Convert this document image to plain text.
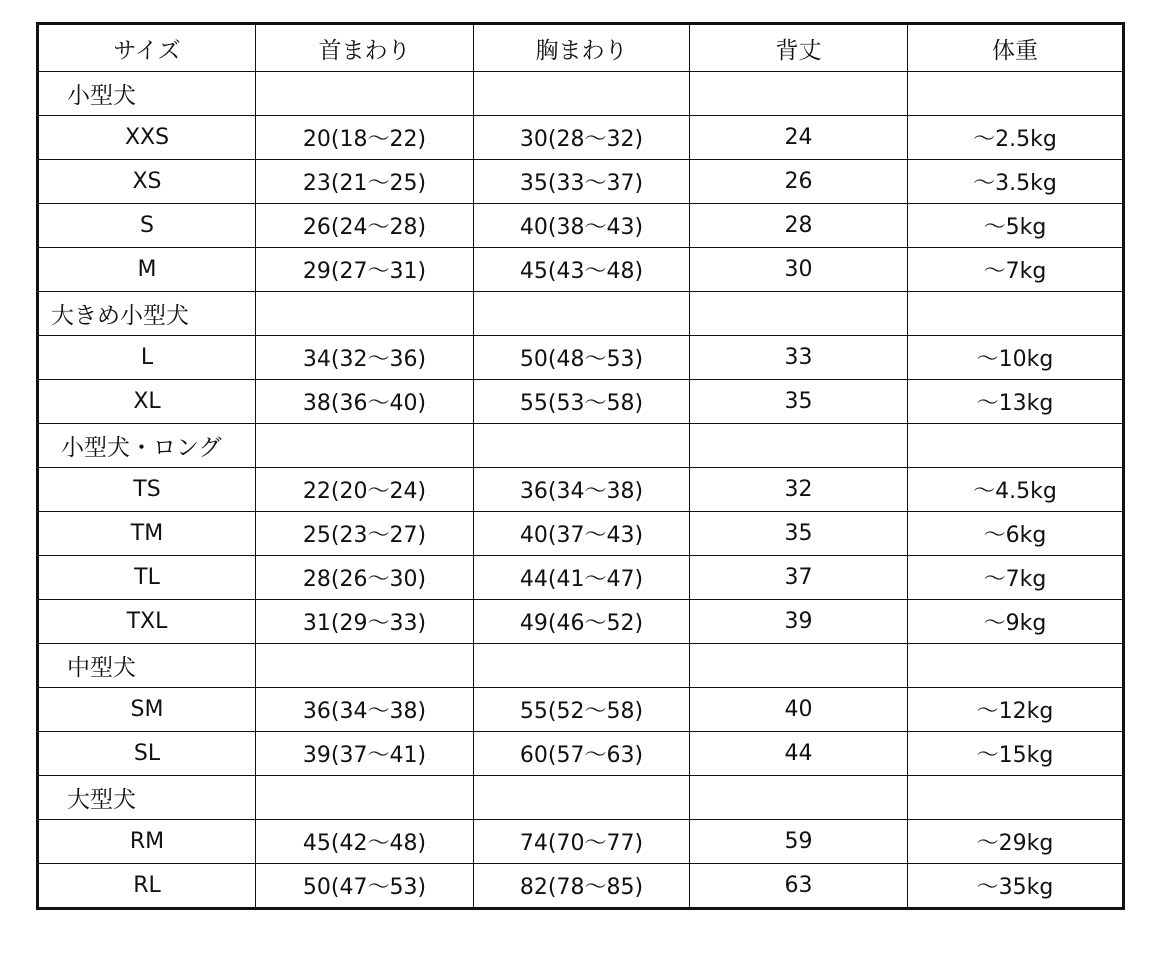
サイズ	首まわり	胸まわり	背丈	体重
小型犬				
XXS	20(18～22)	30(28～32)	24	～2.5kg
XS	23(21～25)	35(33～37)	26	～3.5kg
S	26(24～28)	40(38～43)	28	～5kg
M	29(27～31)	45(43～48)	30	～7kg
大きめ小型犬				
L	34(32～36)	50(48～53)	33	～10kg
XL	38(36～40)	55(53～58)	35	～13kg
小型犬・ロング				
TS	22(20～24)	36(34～38)	32	～4.5kg
TM	25(23～27)	40(37～43)	35	～6kg
TL	28(26～30)	44(41～47)	37	～7kg
TXL	31(29～33)	49(46～52)	39	～9kg
中型犬				
SM	36(34～38)	55(52～58)	40	～12kg
SL	39(37～41)	60(57～63)	44	～15kg
大型犬				
RM	45(42～48)	74(70～77)	59	～29kg
RL	50(47～53)	82(78～85)	63	～35kg
